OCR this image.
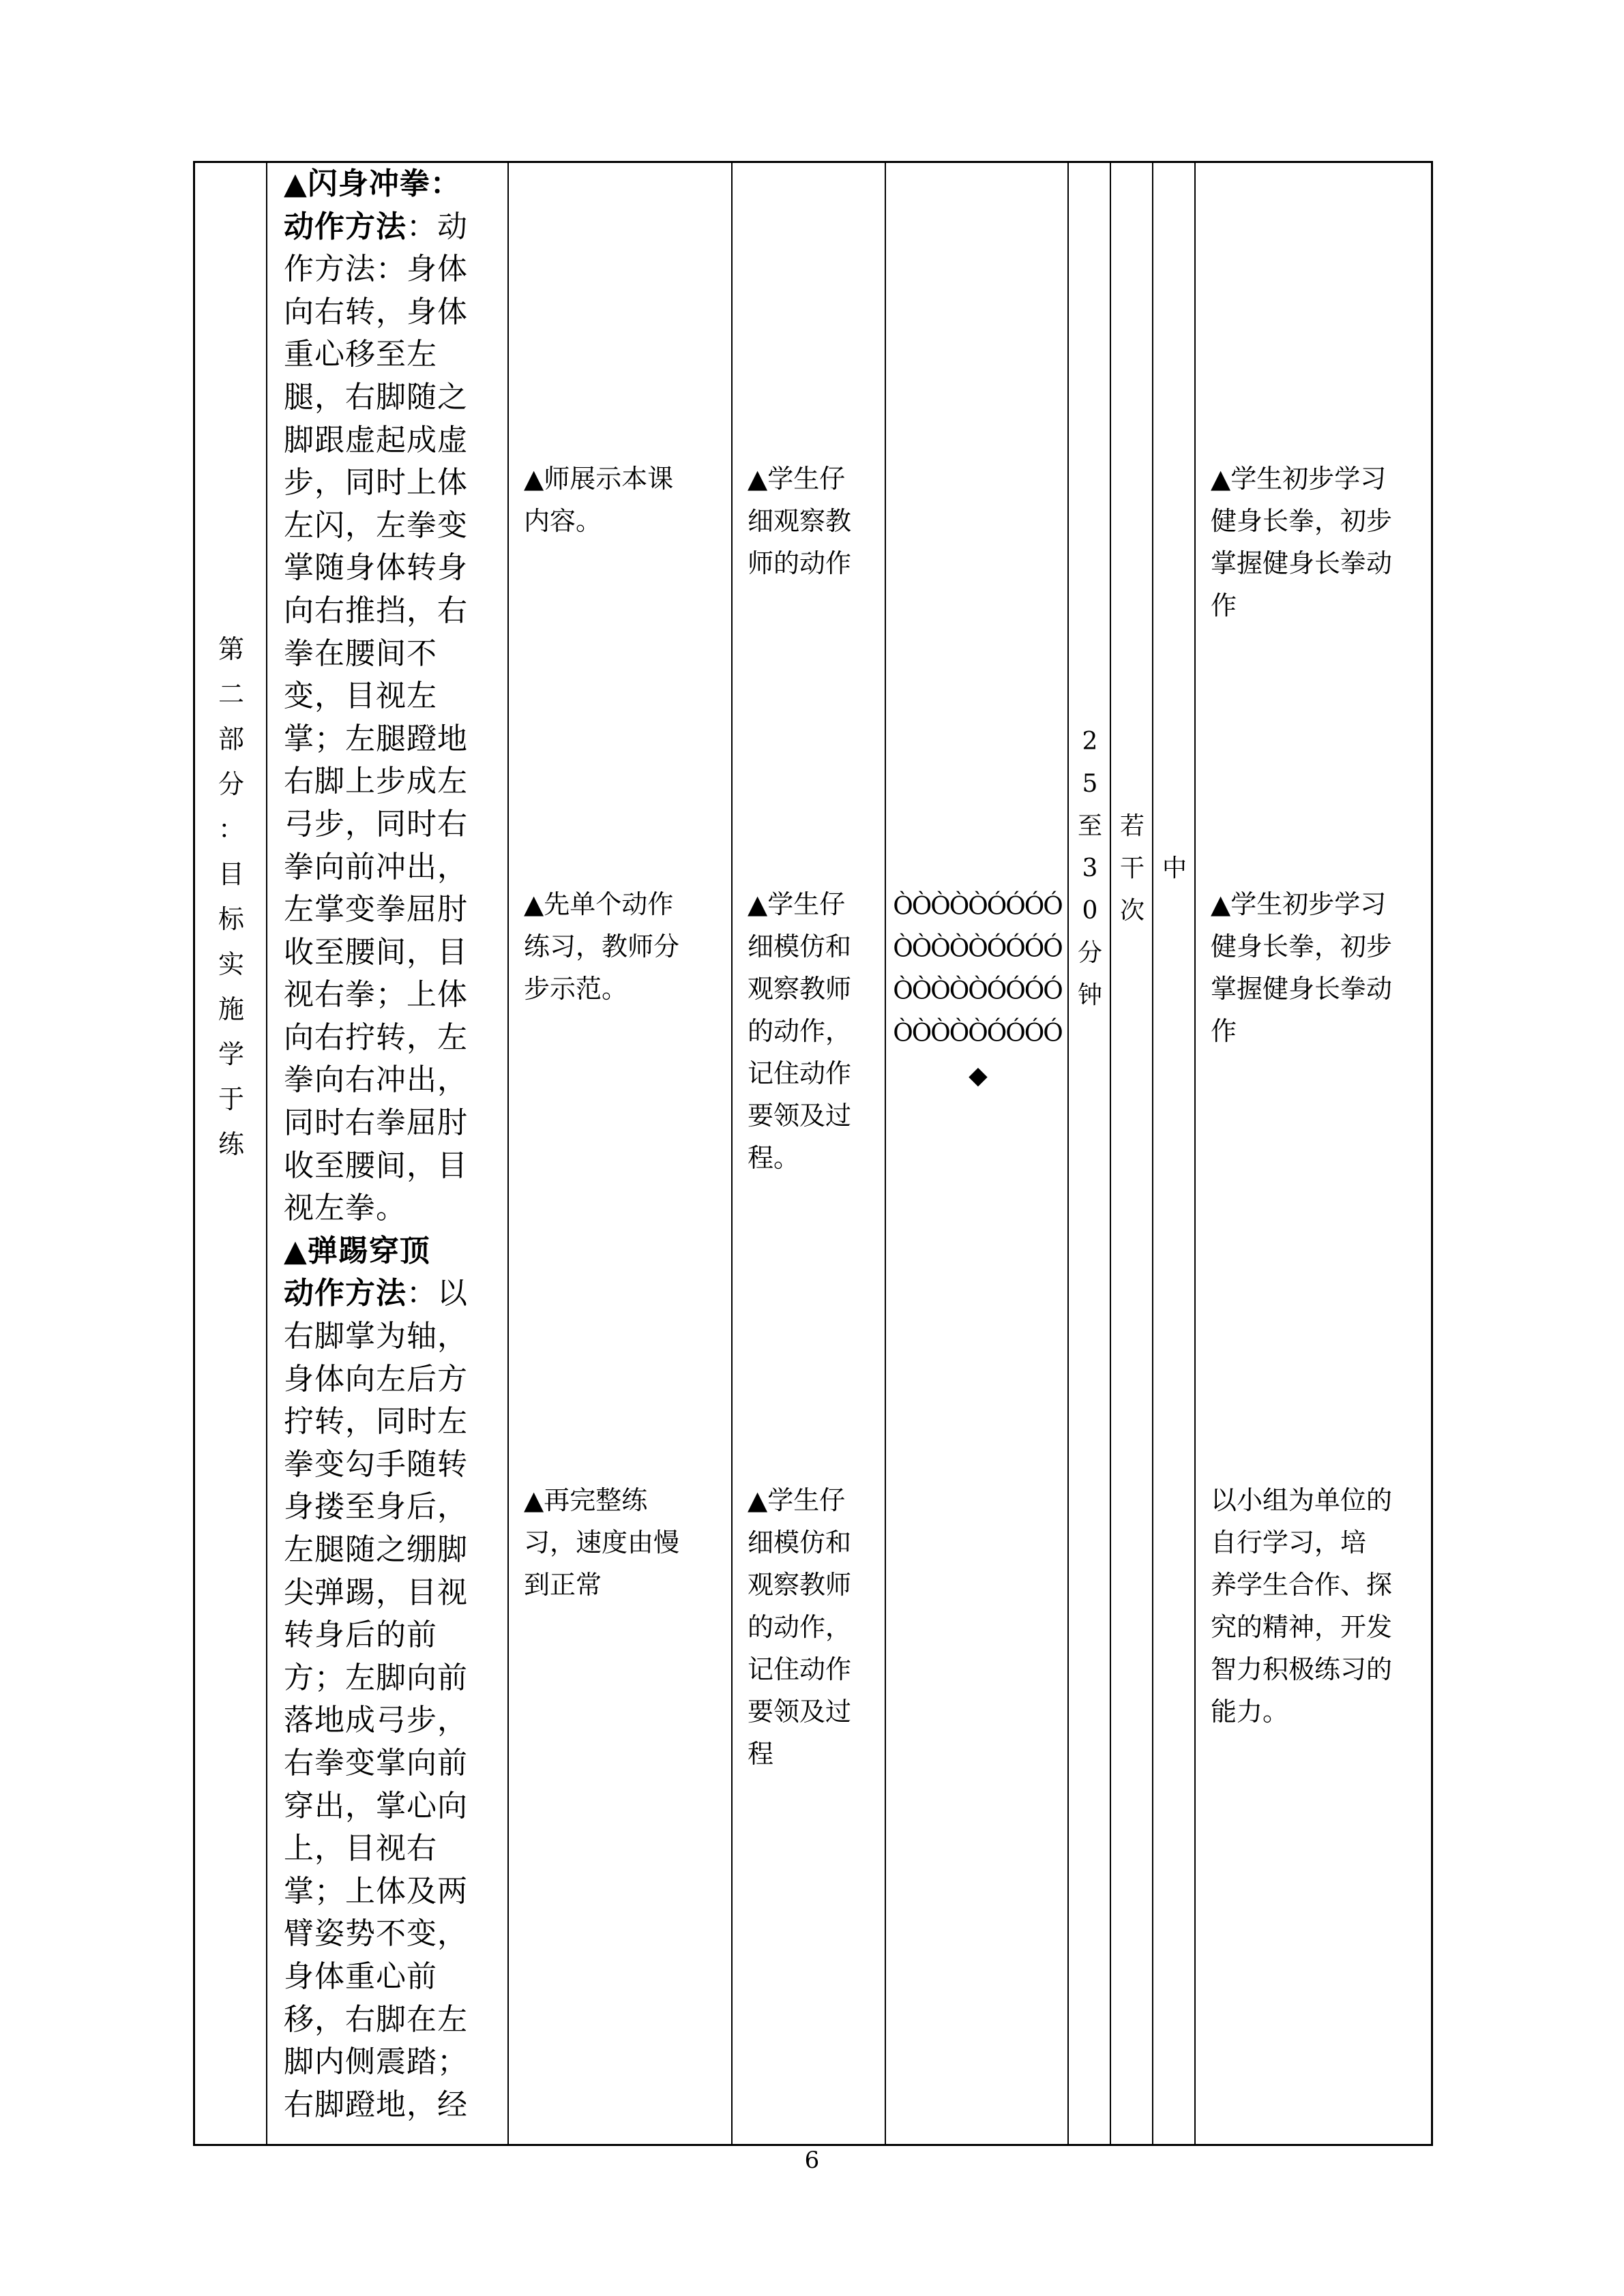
第
二
部
分
：
目
标
实
施
学
于
练
▲闪身冲拳：
动作方法：动
作方法：身体
向右转，身体
重心移至左
腿，右脚随之
脚跟虚起成虚
步，同时上体
左闪，左拳变
掌随身体转身
向右推挡，右
拳在腰间不
变，目视左
掌；左腿蹬地
右脚上步成左
弓步，同时右
拳向前冲出，
左掌变拳屈肘
收至腰间，目
视右拳；上体
向右拧转，左
拳向右冲出，
同时右拳屈肘
收至腰间，目
视左拳。
▲弹踢穿顶
动作方法：以
右脚掌为轴，
身体向左后方
拧转，同时左
拳变勾手随转
身搂至身后，
左腿随之绷脚
尖弹踢，目视
转身后的前
方；左脚向前
落地成弓步，
右拳变掌向前
穿出，掌心向
上，目视右
掌；上体及两
臂姿势不变，
身体重心前
移，右脚在左
脚内侧震踏；
右脚蹬地，经
▲师展示本课
内容。
▲先单个动作
练习，教师分
步示范。
▲再完整练
习，速度由慢
到正常
▲学生仔
细观察教
师的动作
▲学生仔
细模仿和
观察教师
的动作，
记住动作
要领及过
程。
▲学生仔
细模仿和
观察教师
的动作，
记住动作
要领及过
程
ÒÒÒÒÒÓÓÓÓ
ÒÒÒÒÒÓÓÓÓ
ÒÒÒÒÒÓÓÓÓ
ÒÒÒÒÒÓÓÓÓ
◆
2
5
至
3
0
分
钟
若
干
次
中
▲学生初步学习
健身长拳，初步
掌握健身长拳动
作
▲学生初步学习
健身长拳，初步
掌握健身长拳动
作
以小组为单位的
自行学习，培
养学生合作、探
究的精神，开发
智力积极练习的
能力。
6
